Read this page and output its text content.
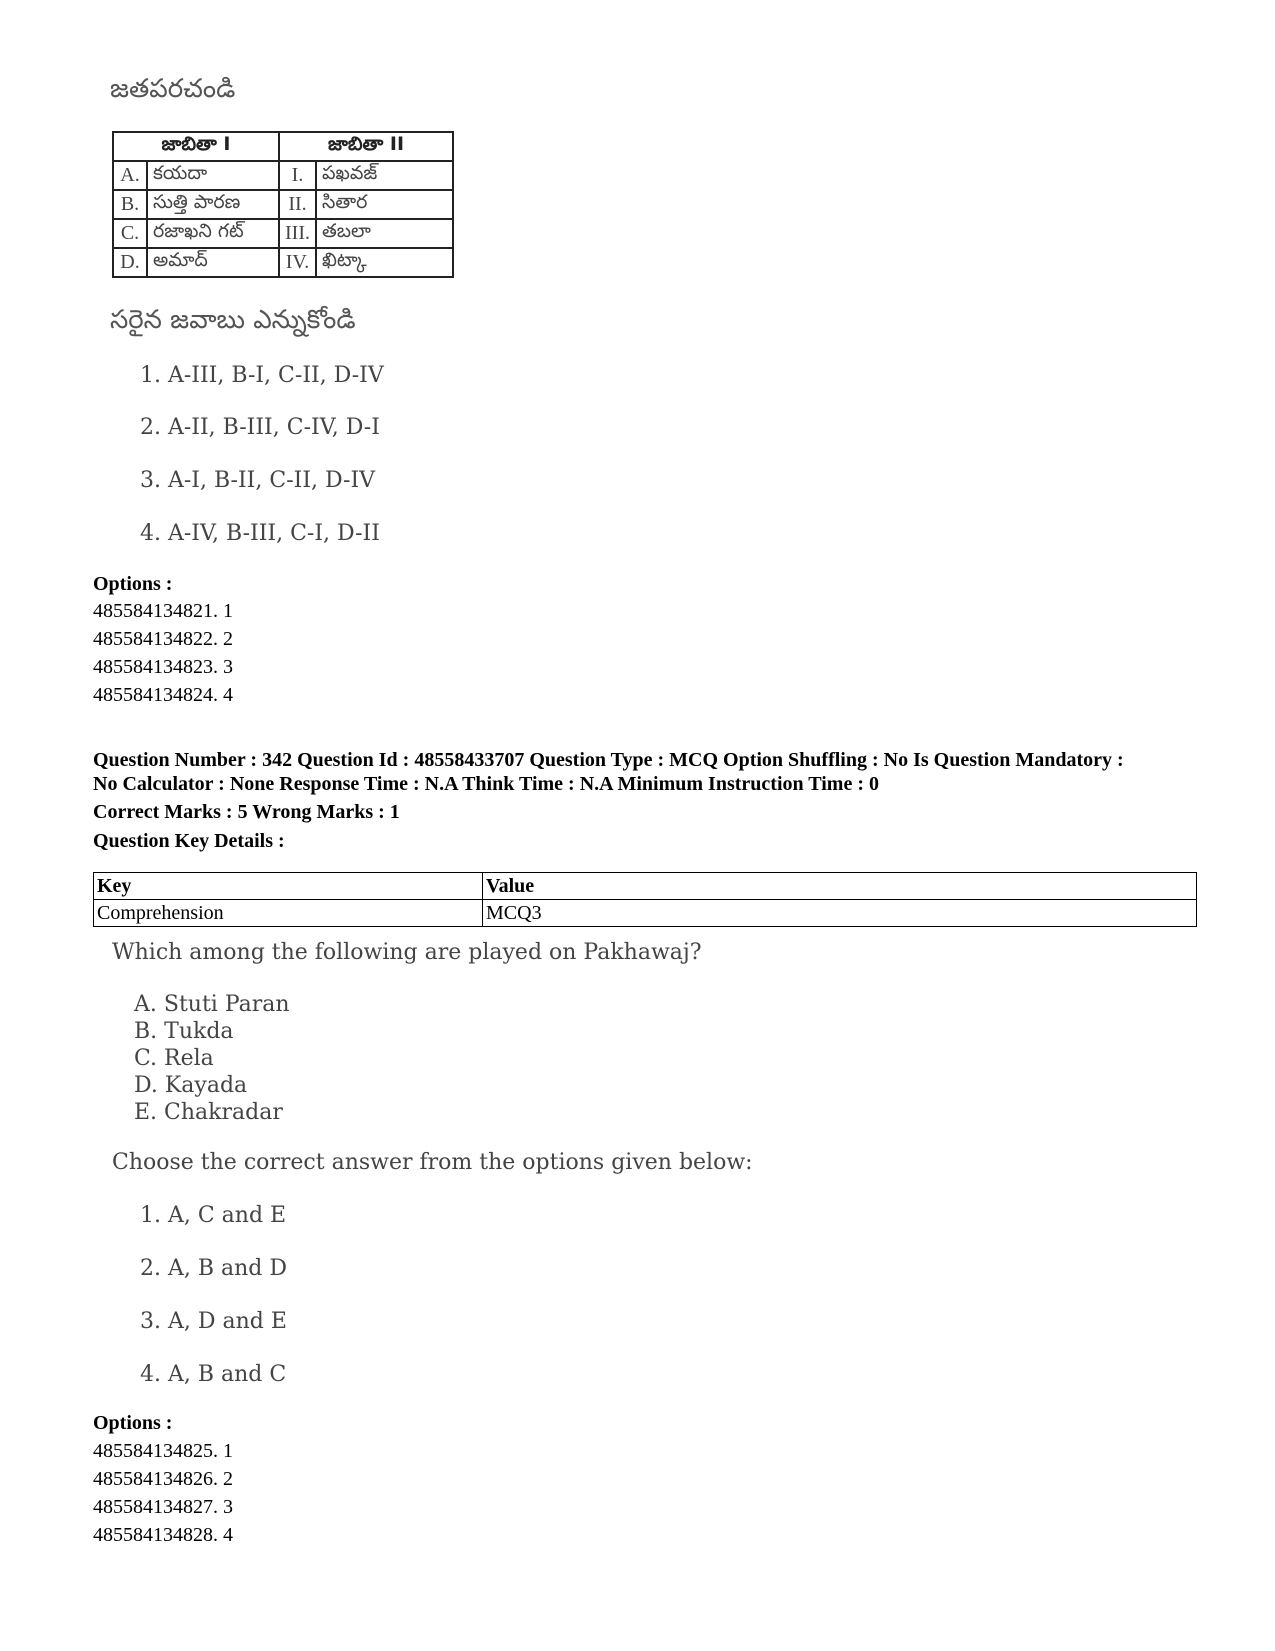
జతపరచండి
జాబితా I		జాబితా II	
A.	కయదా	I.	పఖవజ్
B.	సుత్తి పారణ	II.	సితార
C.	రజాఖని గట్	III.	తబలా
D.	అమాద్	IV.	ఖిట్కా
సరైన జవాబు ఎన్నుకోండి
1. A-III, B-I, C-II, D-IV
2. A-II, B-III, C-IV, D-I
3. A-I, B-II, C-II, D-IV
4. A-IV, B-III, C-I, D-II
Options :
485584134821. 1
485584134822. 2
485584134823. 3
485584134824. 4
Question Number : 342 Question Id : 48558433707 Question Type : MCQ Option Shuffling : No Is Question Mandatory :
No Calculator : None Response Time : N.A Think Time : N.A Minimum Instruction Time : 0
Correct Marks : 5 Wrong Marks : 1
Question Key Details :
Key	Value
Comprehension	MCQ3
Which among the following are played on Pakhawaj?
A. Stuti Paran
B. Tukda
C. Rela
D. Kayada
E. Chakradar
Choose the correct answer from the options given below:
1. A, C and E
2. A, B and D
3. A, D and E
4. A, B and C
Options :
485584134825. 1
485584134826. 2
485584134827. 3
485584134828. 4
